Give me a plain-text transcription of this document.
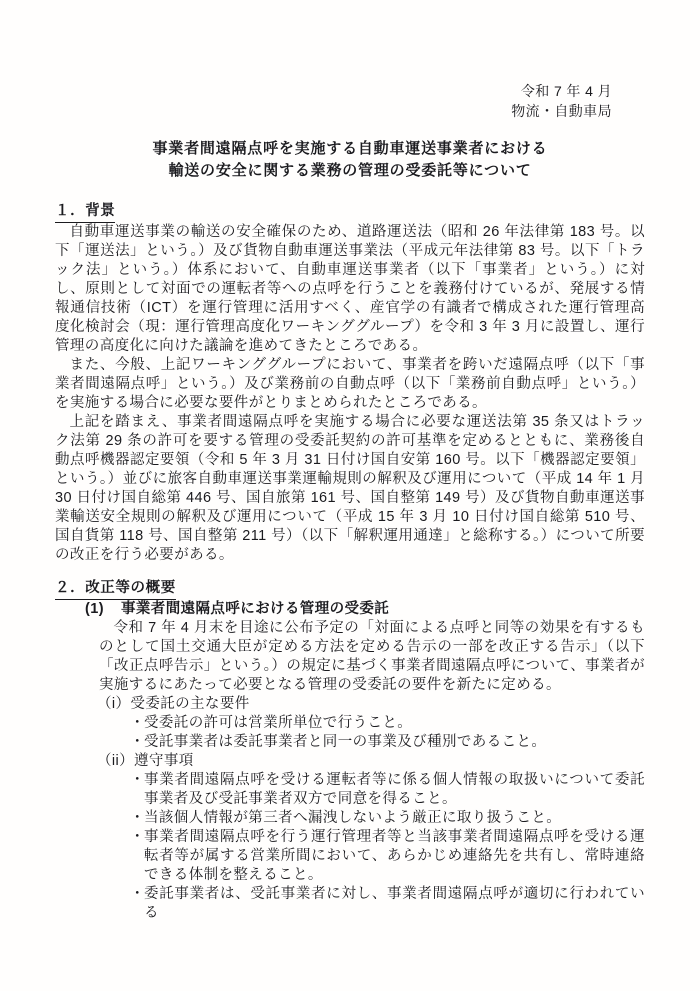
令和 7 年 4 月
物流・自動車局
事業者間遠隔点呼を実施する自動車運送事業者における
輸送の安全に関する業務の管理の受委託等について
１．背景

自動車運送事業の輸送の安全確保のため、道路運送法（昭和 26 年法律第 183 号。以下「運送法」という。）及び貨物自動車運送事業法（平成元年法律第 83 号。以下「トラック法」という。）体系において、自動車運送事業者（以下「事業者」という。）に対し、原則として対面での運転者等への点呼を行うことを義務付けているが、発展する情報通信技術（ICT）を運行管理に活用すべく、産官学の有識者で構成された運行管理高度化検討会（現：運行管理高度化ワーキンググループ）を令和 3 年 3 月に設置し、運行管理の高度化に向けた議論を進めてきたところである。

また、今般、上記ワーキンググループにおいて、事業者を跨いだ遠隔点呼（以下「事業者間遠隔点呼」という。）及び業務前の自動点呼（以下「業務前自動点呼」という。）を実施する場合に必要な要件がとりまとめられたところである。

上記を踏まえ、事業者間遠隔点呼を実施する場合に必要な運送法第 35 条又はトラック法第 29 条の許可を要する管理の受委託契約の許可基準を定めるとともに、業務後自動点呼機器認定要領（令和 5 年 3 月 31 日付け国自安第 160 号。以下「機器認定要領」という。）並びに旅客自動車運送事業運輸規則の解釈及び運用について（平成 14 年 1 月 30 日付け国自総第 446 号、国自旅第 161 号、国自整第 149 号）及び貨物自動車運送事業輸送安全規則の解釈及び運用について（平成 15 年 3 月 10 日付け国自総第 510 号、国自貨第 118 号、国自整第 211 号）（以下「解釈運用通達」と総称する。）について所要の改正を行う必要がある。

２．改正等の概要
(1)	事業者間遠隔点呼における管理の受委託

令和 7 年 4 月末を目途に公布予定の「対面による点呼と同等の効果を有するものとして国土交通大臣が定める方法を定める告示の一部を改正する告示」（以下「改正点呼告示」という。）の規定に基づく事業者間遠隔点呼について、事業者が実施するにあたって必要となる管理の受委託の要件を新たに定める。

（i）受委託の主な要件
・ 受委託の許可は営業所単位で行うこと。
・ 受託事業者は委託事業者と同一の事業及び種別であること。
（ii）遵守事項
・ 事業者間遠隔点呼を受ける運転者等に係る個人情報の取扱いについて委託事業者及び受託事業者双方で同意を得ること。
・ 当該個人情報が第三者へ漏洩しないよう厳正に取り扱うこと。
・ 事業者間遠隔点呼を行う運行管理者等と当該事業者間遠隔点呼を受ける運転者等が属する営業所間において、あらかじめ連絡先を共有し、常時連絡できる体制を整えること。
・ 委託事業者は、受託事業者に対し、事業者間遠隔点呼が適切に行われている
